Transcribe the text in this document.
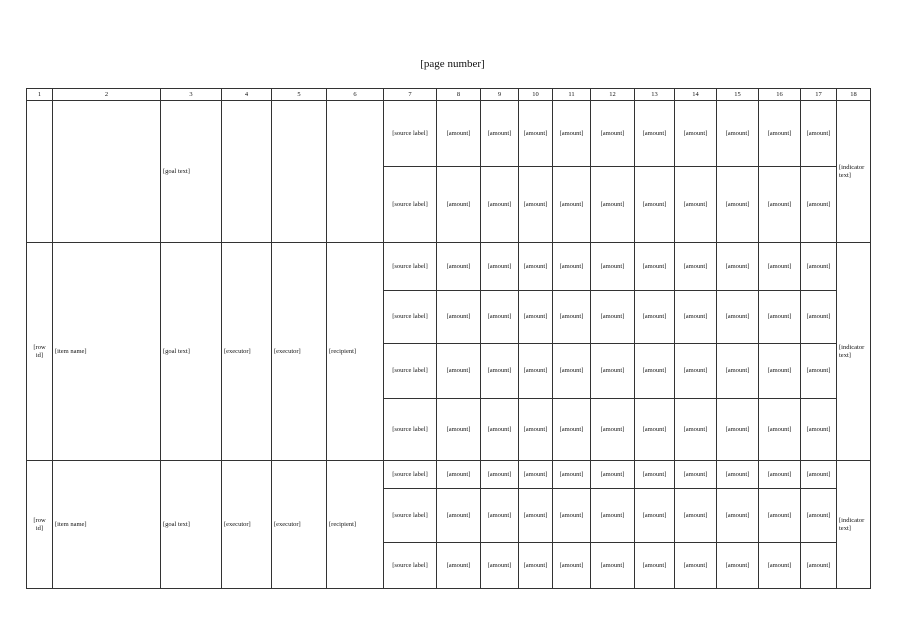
[page number]
1	2	3	4	5	6	7	8	9	10	11	12	13	14	15	16	17	18
		[goal text]				[source label]	[amount]	[amount]	[amount]	[amount]	[amount]	[amount]	[amount]	[amount]	[amount]	[amount]	[indicator text]
						[source label]	[amount]	[amount]	[amount]	[amount]	[amount]	[amount]	[amount]	[amount]	[amount]	[amount]	
[row id]	[item name]	[goal text]	[executor]	[executor]	[recipient]	[source label]	[amount]	[amount]	[amount]	[amount]	[amount]	[amount]	[amount]	[amount]	[amount]	[amount]	[indicator text]
						[source label]	[amount]	[amount]	[amount]	[amount]	[amount]	[amount]	[amount]	[amount]	[amount]	[amount]	
						[source label]	[amount]	[amount]	[amount]	[amount]	[amount]	[amount]	[amount]	[amount]	[amount]	[amount]	
						[source label]	[amount]	[amount]	[amount]	[amount]	[amount]	[amount]	[amount]	[amount]	[amount]	[amount]	
[row id]	[item name]	[goal text]	[executor]	[executor]	[recipient]	[source label]	[amount]	[amount]	[amount]	[amount]	[amount]	[amount]	[amount]	[amount]	[amount]	[amount]	[indicator text]
						[source label]	[amount]	[amount]	[amount]	[amount]	[amount]	[amount]	[amount]	[amount]	[amount]	[amount]	
						[source label]	[amount]	[amount]	[amount]	[amount]	[amount]	[amount]	[amount]	[amount]	[amount]	[amount]	
